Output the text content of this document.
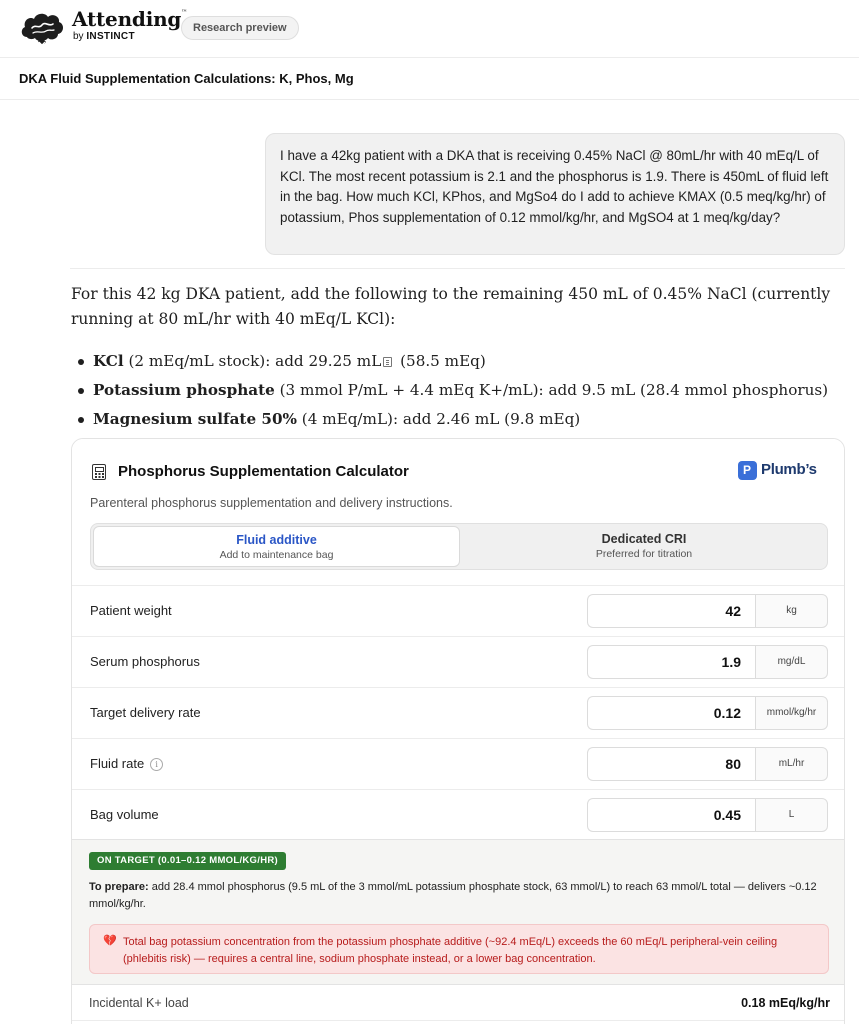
Attending™
by INSTINCT
Research preview
DKA Fluid Supplementation Calculations: K, Phos, Mg
I have a 42kg patient with a DKA that is receiving 0.45% NaCl @ 80mL/hr with 40 mEq/L of KCl. The most recent potassium is 2.1 and the phosphorus is 1.9. There is 450mL of fluid left in the bag. How much KCl, KPhos, and MgSo4 do I add to achieve KMAX (0.5 meq/kg/hr) of potassium, Phos supplementation of 0.12 mmol/kg/hr, and MgSO4 at 1 meq/kg/day?

For this 42 kg DKA patient, add the following to the remaining 450 mL of 0.45% NaCl (currently running at 80 mL/hr with 40 mEq/L KCl):

KCl (2 mEq/mL stock): add 29.25 mL (58.5 mEq)
Potassium phosphate (3 mmol P/mL + 4.4 mEq K+/mL): add 9.5 mL (28.4 mmol phosphorus)
Magnesium sulfate 50% (4 mEq/mL): add 2.46 mL (9.8 mEq)
Phosphorus Supplementation Calculator
P	Plumb’s
Parenteral phosphorus supplementation and delivery instructions.
Fluid additive
Add to maintenance bag
Dedicated CRI
Preferred for titration
Patient weight
42	kg
Serum phosphorus
1.9	mg/dL
Target delivery rate
0.12	mmol/kg/hr
Fluid rate i
80	mL/hr
Bag volume
0.45	L
ON TARGET (0.01–0.12 MMOL/KG/HR)

To prepare: add 28.4 mmol phosphorus (9.5 mL of the 3 mmol/mL potassium phosphate stock, 63 mmol/L) to reach 63 mmol/L total — delivers ~0.12 mmol/kg/hr.

💔 Total bag potassium concentration from the potassium phosphate additive (~92.4 mEq/L) exceeds the 60 mEq/L peripheral-vein ceiling (phlebitis risk) — requires a central line, sodium phosphate instead, or a lower bag concentration.

Incidental K+ load	0.18 mEq/kg/hr
